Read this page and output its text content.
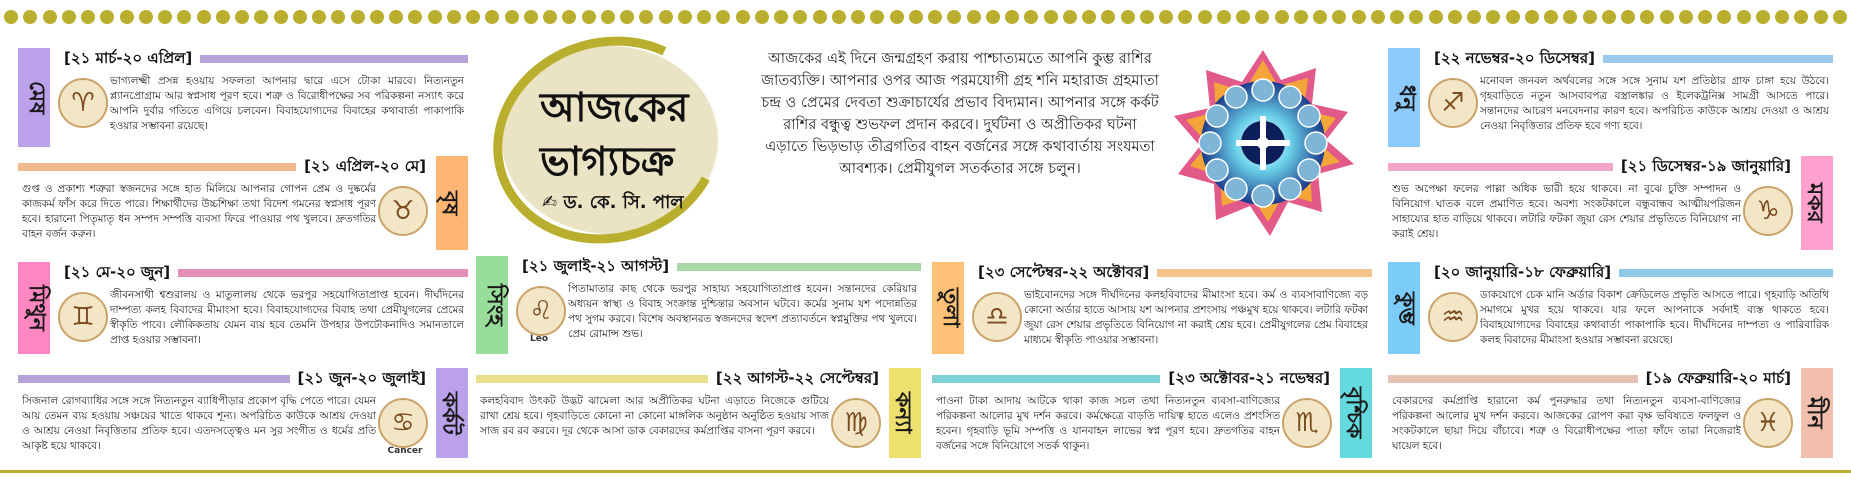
আজকের
ভাগ্যচক্র
✍ ড. কে. সি. পাল
আজকের এই দিনে জন্মগ্রহণ করায় পাশ্চাত্যমতে আপনি কুম্ভ রাশির জাতব্যক্তি। আপনার ওপর আজ পরমযোগী গ্রহ শনি মহারাজ গ্রহমাতা চন্দ্র ও প্রেমের দেবতা শুক্রাচার্যের প্রভাব বিদ্যমান। আপনার সঙ্গে কর্কট রাশির বন্ধুত্ব শুভফল প্রদান করবে। দুর্ঘটনা ও অপ্রীতিকর ঘটনা এড়াতে ভিড়ভাড় তীব্রগতির বাহন বর্জনের সঙ্গে কথাবার্তায় সংযমতা আবশ্যক। প্রেমীযুগল সতর্কতার সঙ্গে চলুন।
মেষ
[২১ মার্চ-২০ এপ্রিল]
♈
ভাগ্যলক্ষ্মী প্রসন্ন হওয়ায় সফলতা আপনার দ্বারে এসে টোকা মারবে। নিত্যনতুন প্ল্যানপ্রোগ্রাম আর স্বপ্নসাধ পূরণ হবে। শত্রু ও বিরোধীপক্ষের সব পরিকল্পনা নস্যাৎ করে আপনি দুর্বার গতিতে এগিয়ে চলবেন। বিবাহযোগ্যদের বিবাহের কথাবার্তা পাকাপাকি হওয়ার সম্ভাবনা রয়েছে।
বৃষ
[২১ এপ্রিল-২০ মে]
♉
গুপ্ত ও প্রকাশ্য শত্রুরা স্বজনদের সঙ্গে হাত মিলিয়ে আপনার গোপন প্রেম ও দুষ্কর্মের কাজকর্ম ফাঁস করে দিতে পারে। শিক্ষার্থীদের উচ্চশিক্ষা তথা বিদেশ গমনের স্বপ্নসাধ পূরণ হবে। হারানো পিতৃমাতৃ ধন সম্পদ সম্পত্তি ব্যবসা ফিরে পাওয়ার পথ খুলবে। দ্রুতগতির বাহন বর্জন করুন।
মিথুন
[২১ মে-২০ জুন]
♊
জীবনসাথী শ্বশুরালয় ও মাতুলালয় থেকে ভরপুর সহযোগিতাপ্রাপ্ত হবেন। দীর্ঘদিনের দাম্পত্য কলহ বিবাদের মীমাংসা হবে। বিবাহযোগ্যদের বিবাহ তথা প্রেমীযুগলের প্রেমের স্বীকৃতি পাবে। লৌকিকতায় যেমন ব্যয় হবে তেমনি উপহার উপঢৌকনাদিও সমানতালে প্রাপ্ত হওয়ার সম্ভাবনা।
কর্কট
[২১ জুন-২০ জুলাই]
♋
Cancer
সিজনাল রোগব্যাধির সঙ্গে সঙ্গে নিত্যনতুন ব্যাধিপীড়ার প্রকোপ বৃদ্ধি পেতে পারে। যেমন আয় তেমন ব্যয় হওয়ায় সঞ্চয়ের খাতে থাকবে শূন্য। অপরিচিত কাউকে আশ্রয় দেওয়া ও আশ্রয় নেওয়া নিবৃত্তিতার প্রতিফ হবে। এতদসত্ত্বেও মন সুর সংগীত ও ধর্মের প্রতি আকৃষ্ট হয়ে থাকবে।
সিংহ
[২১ জুলাই-২১ আগস্ট]
♌
Leo
পিতামাতার কাছ থেকে ভরপুর সাহায্য সহযোগিতাপ্রাপ্ত হবেন। সন্তানদের কেরিয়ার অধ্যয়ন স্বাস্থ্য ও বিবাহ সংক্রান্ত দুশ্চিন্তার অবসান ঘটবে। কর্মের সুনাম যশ পদোন্নতির পথ সুগম করবে। বিশেষ অবস্থানরত স্বজনদের স্বদেশ প্রত্যাবর্তনে স্বপ্নমুক্তির পথ খুলবে। প্রেম রোমান্স শুভ।
কন্যা
[২২ আগস্ট-২২ সেপ্টেম্বর]
♍
কলহবিবাদ উৎকট উদ্ভট ঝামেলা আর অপ্রীতিকর ঘটনা এড়াতে নিজেকে গুটিয়ে রাখা শ্রেয় হবে। গৃহবাড়িতে কোনো না কোনো মাঙ্গলিক অনুষ্ঠান অনুষ্ঠিত হওয়ায় সাজ সাজ রব রব করবে। দূর থেকে আসা ডাক বেকারদের কর্মপ্রাপ্তির বাসনা পূরণ করবে।
তুলা
[২৩ সেপ্টেম্বর-২২ অক্টোবর]
♎
ভাইবোনদের সঙ্গে দীর্ঘদিনের কলহবিবাদের মীমাংসা হবে। কর্ম ও ব্যবসাবাণিজ্যে বড় কোনো অর্ডার হাতে আসায় যশ আপনার প্রশংসায় পঞ্চমুখ হয়ে থাকবে। লটারি ফটকা জুয়া রেস শেয়ার প্রভৃতিতে বিনিয়োগ না করাই শ্রেয় হবে। প্রেমীযুগলের প্রেম বিবাহের মাধ্যমে স্বীকৃতি পাওয়ার সম্ভাবনা।
বৃশ্চিক
[২৩ অক্টোবর-২১ নভেম্বর]
♏
পাওনা টাকা আদায় আটকে থাকা কাজ সচল তথা নিত্যনতুন ব্যবসা-বাণিজ্যের পরিকল্পনা আলোর মুখ দর্শন করবে। কর্মক্ষেত্রে বাড়তি দায়িত্ব হাতে এলেও প্রশংসিত হবেন। গৃহবাড়ি ভূমি সম্পত্তি ও যানবাহন লাভের স্বপ্ন পূরণ হবে। দ্রুতগতির বাহন বর্জনের সঙ্গে বিনিয়োগে সতর্ক থাকুন।
ধনু
[২২ নভেম্বর-২০ ডিসেম্বর]
♐
মনোবল জনবল অর্থবলের সঙ্গে সঙ্গে সুনাম যশ প্রতিষ্ঠার গ্রাফ চাঙ্গা হয়ে উঠবে। গৃহবাড়িতে নতুন আসবাবপত্র বস্ত্রালঙ্কার ও ইলেকট্রনিক্স সামগ্রী আসতে পারে। সন্তানদের আচরণ মনবেদনার কারণ হবে। অপরিচিত কাউকে আশ্রয় দেওয়া ও আশ্রয় নেওয়া নিবৃত্তিতার প্রতিফ হবে গণ্য হবে।
মকর
[২১ ডিসেম্বর-১৯ জানুয়ারি]
♑
শুভ অপেক্ষা ফলের পাল্লা অধিক ভারী হয়ে থাকবে। না বুঝে চুক্তি সম্পাদন ও বিনিয়োগ ঘাতক বলে প্রমাণিত হবে। অবশ্য সংকটকালে বন্ধুবান্ধব আত্মীয়পরিজন সাহায্যের হাত বাড়িয়ে থাকবে। লটারি ফটকা জুয়া রেস শেয়ার প্রভৃতিতে বিনিয়োগ না করাই শ্রেয়।
কুম্ভ
[২০ জানুয়ারি-১৮ ফেব্রুয়ারি]
♒
ডাকযোগে চেক মানি অর্ডার বিকাশ ক্রেডিলেড প্রভৃতি আসতে পারে। গৃহবাড়ি অতিথি সমাগমে মুখর হয়ে থাকবে। যার ফলে আপনাকে সর্বদাই ব্যস্ত থাকতে হবে। বিবাহযোগ্যদের বিবাহের কথাবার্তা পাকাপাকি হবে। দীর্ঘদিনের দাম্পত্য ও পারিবারিক কলহ বিবাদের মীমাংসা হওয়ার সম্ভাবনা রয়েছে।
মীন
[১৯ ফেব্রুয়ারি-২০ মার্চ]
♓
বেকারদের কর্মপ্রাপ্তি হারানো কর্ম পুনরুদ্ধার তথা নিত্যনতুন ব্যবসা-বাণিজ্যের পরিকল্পনা আলোর মুখ দর্শন করবে। আজকের রোপণ করা বৃক্ষ ভবিষ্যতে ফলফুল ও সংকটকালে ছায়া দিয়ে বাঁচাবে। শত্রু ও বিরোধীপক্ষের পাতা ফাঁদে তারা নিজেরাই ঘায়েল হবে।
